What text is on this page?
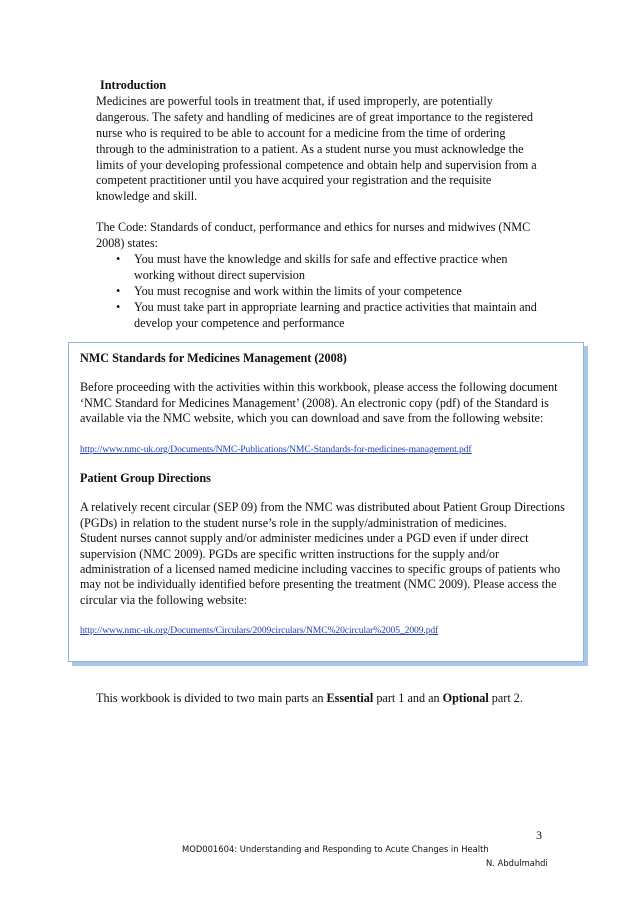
Introduction

Medicines are powerful tools in treatment that, if used improperly, are potentially dangerous. The safety and handling of medicines are of great importance to the registered nurse who is required to be able to account for a medicine from the time of ordering through to the administration to a patient. As a student nurse you must acknowledge the limits of your developing professional competence and obtain help and supervision from a competent practitioner until you have acquired your registration and the requisite knowledge and skill.

The Code: Standards of conduct, performance and ethics for nurses and midwives (NMC 2008) states:

• You must have the knowledge and skills for safe and effective practice when working without direct supervision
• You must recognise and work within the limits of your competence
• You must take part in appropriate learning and practice activities that maintain and develop your competence and performance

NMC Standards for Medicines Management (2008)

Before proceeding with the activities within this workbook, please access the following document ‘NMC Standard for Medicines Management’ (2008). An electronic copy (pdf) of the Standard is available via the NMC website, which you can download and save from the following website:

http://www.nmc-uk.org/Documents/NMC-Publications/NMC-Standards-for-medicines-management.pdf

Patient Group Directions

A relatively recent circular (SEP 09) from the NMC was distributed about Patient Group Directions (PGDs) in relation to the student nurse’s role in the supply/administration of medicines.

Student nurses cannot supply and/or administer medicines under a PGD even if under direct supervision (NMC 2009). PGDs are specific written instructions for the supply and/or administration of a licensed named medicine including vaccines to specific groups of patients who may not be individually identified before presenting the treatment (NMC 2009). Please access the circular via the following website:

http://www.nmc-uk.org/Documents/Circulars/2009circulars/NMC%20circular%2005_2009.pdf

This workbook is divided to two main parts an Essential part 1 and an Optional part 2.

3
MOD001604: Understanding and Responding to Acute Changes in Health
N. Abdulmahdi
